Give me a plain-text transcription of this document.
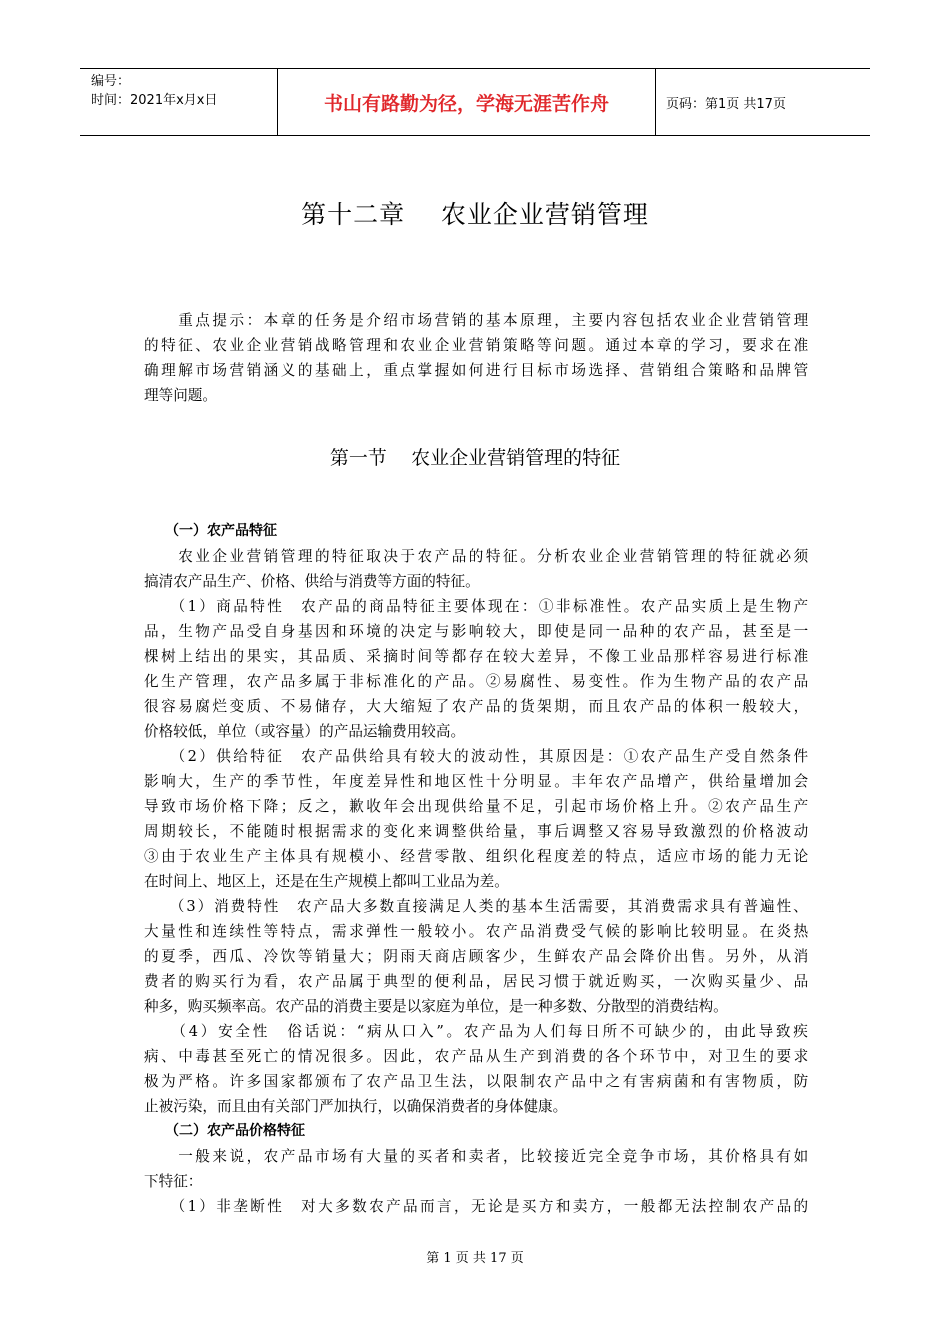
编号：
时间：2021年x月x日	书山有路勤为径，学海无涯苦作舟	页码：第1页 共17页
第十二章    农业企业营销管理
　　重点提示：本章的任务是介绍市场营销的基本原理，主要内容包括农业企业营销管理
的特征、农业企业营销战略管理和农业企业营销策略等问题。通过本章的学习，要求在准
确理解市场营销涵义的基础上，重点掌握如何进行目标市场选择、营销组合策略和品牌管
理等问题。
第一节    农业企业营销管理的特征
　　（一）农产品特征
　　农业企业营销管理的特征取决于农产品的特征。分析农业企业营销管理的特征就必须
搞清农产品生产、价格、供给与消费等方面的特征。
　　（1）商品特性　农产品的商品特征主要体现在：①非标准性。农产品实质上是生物产
品，生物产品受自身基因和环境的决定与影响较大，即使是同一品种的农产品，甚至是一
棵树上结出的果实，其品质、采摘时间等都存在较大差异，不像工业品那样容易进行标准
化生产管理，农产品多属于非标准化的产品。②易腐性、易变性。作为生物产品的农产品
很容易腐烂变质、不易储存，大大缩短了农产品的货架期，而且农产品的体积一般较大，
价格较低，单位（或容量）的产品运输费用较高。
　　（2）供给特征　农产品供给具有较大的波动性，其原因是：①农产品生产受自然条件
影响大，生产的季节性，年度差异性和地区性十分明显。丰年农产品增产，供给量增加会
导致市场价格下降；反之，歉收年会出现供给量不足，引起市场价格上升。②农产品生产
周期较长，不能随时根据需求的变化来调整供给量，事后调整又容易导致激烈的价格波动
③由于农业生产主体具有规模小、经营零散、组织化程度差的特点，适应市场的能力无论
在时间上、地区上，还是在生产规模上都叫工业品为差。
　　（3）消费特性　农产品大多数直接满足人类的基本生活需要，其消费需求具有普遍性、
大量性和连续性等特点，需求弹性一般较小。农产品消费受气候的影响比较明显。在炎热
的夏季，西瓜、冷饮等销量大；阴雨天商店顾客少，生鲜农产品会降价出售。另外，从消
费者的购买行为看，农产品属于典型的便利品，居民习惯于就近购买，一次购买量少、品
种多，购买频率高。农产品的消费主要是以家庭为单位，是一种多数、分散型的消费结构。
　　（4）安全性　俗话说：“病从口入”。农产品为人们每日所不可缺少的，由此导致疾
病、中毒甚至死亡的情况很多。因此，农产品从生产到消费的各个环节中，对卫生的要求
极为严格。许多国家都颁布了农产品卫生法，以限制农产品中之有害病菌和有害物质，防
止被污染，而且由有关部门严加执行，以确保消费者的身体健康。
　　（二）农产品价格特征
　　一般来说，农产品市场有大量的买者和卖者，比较接近完全竞争市场，其价格具有如
下特征：
　　（1）非垄断性　对大多数农产品而言，无论是买方和卖方，一般都无法控制农产品的
第 1 页 共 17 页
